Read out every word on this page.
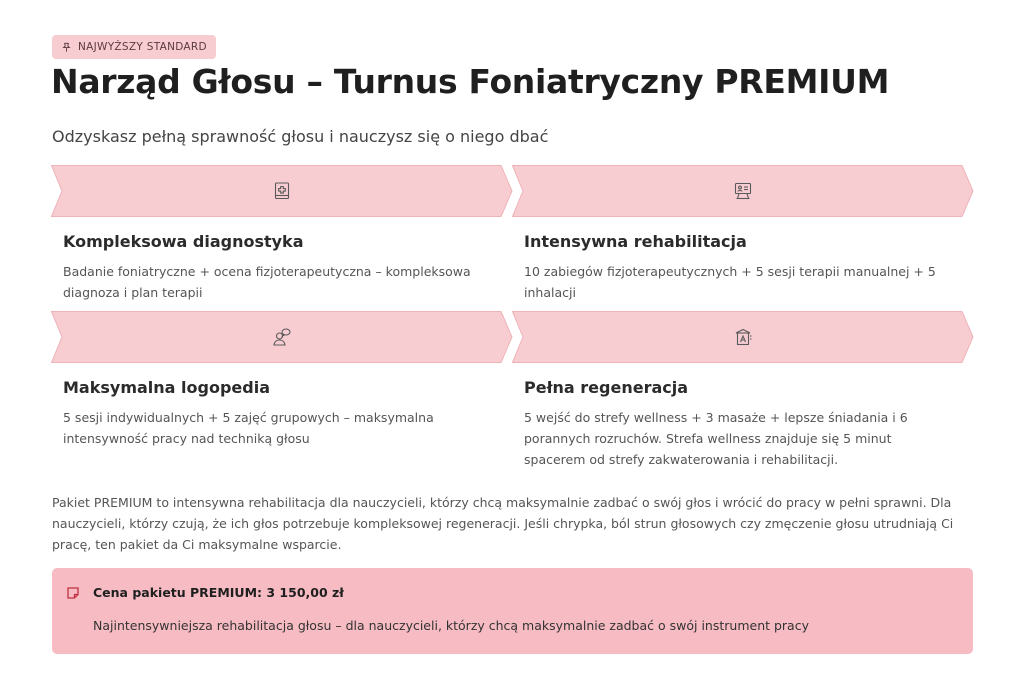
NAJWYŻSZY STANDARD
Narząd Głosu – Turnus Foniatryczny PREMIUM
Odzyskasz pełną sprawność głosu i nauczysz się o niego dbać
Kompleksowa diagnostyka

Badanie foniatryczne + ocena fizjoterapeutyczna – kompleksowa diagnoza i plan terapii

Intensywna rehabilitacja

10 zabiegów fizjoterapeutycznych + 5 sesji terapii manualnej + 5 inhalacji

Maksymalna logopedia

5 sesji indywidualnych + 5 zajęć grupowych – maksymalna intensywność pracy nad techniką głosu

Pełna regeneracja

5 wejść do strefy wellness + 3 masaże + lepsze śniadania i 6 porannych rozruchów. Strefa wellness znajduje się 5 minut spacerem od strefy zakwaterowania i rehabilitacji.

Pakiet PREMIUM to intensywna rehabilitacja dla nauczycieli, którzy chcą maksymalnie zadbać o swój głos i wrócić do pracy w pełni sprawni. Dla nauczycieli, którzy czują, że ich głos potrzebuje kompleksowej regeneracji. Jeśli chrypka, ból strun głosowych czy zmęczenie głosu utrudniają Ci pracę, ten pakiet da Ci maksymalne wsparcie.

Cena pakietu PREMIUM: 3 150,00 zł
Najintensywniejsza rehabilitacja głosu – dla nauczycieli, którzy chcą maksymalnie zadbać o swój instrument pracy
